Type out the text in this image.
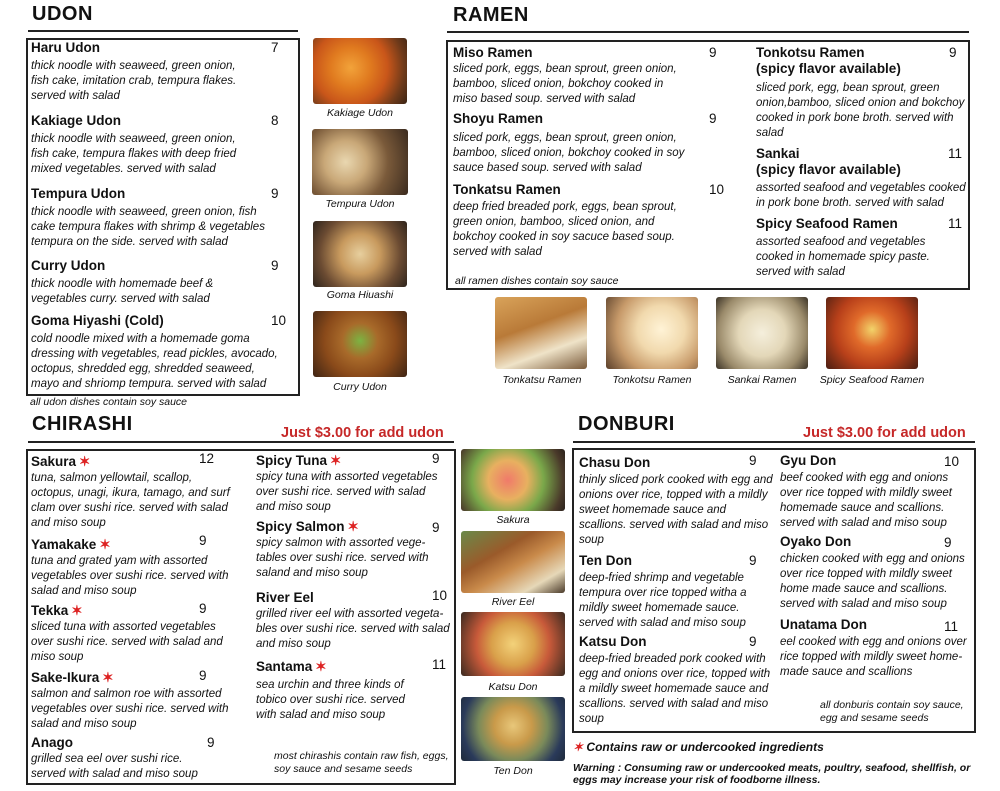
UDON
Haru Udon	7
thick noodle with seaweed, green onion, fish cake, imitation crab, tempura flakes. served with salad
Kakiage Udon	8
thick noodle with seaweed, green onion, fish cake, tempura flakes with deep fried mixed vegetables. served with salad
Tempura Udon	9
thick noodle with seaweed, green onion, fish cake tempura flakes with shrimp & vegetables tempura on the side. served with salad
Curry Udon	9
thick noodle with homemade beef & vegetables curry. served with salad
Goma Hiyashi (Cold)	10
cold noodle mixed with a homemade goma dressing with vegetables, read pickles, avocado, octopus, shredded egg, shredded seaweed, mayo and shriomp tempura. served with salad
all udon dishes contain soy sauce
Kakiage Udon
Tempura Udon
Goma Hiuashi
Curry Udon
RAMEN
Miso Ramen	9
sliced pork, eggs, bean sprout, green onion, bamboo, sliced onion, bokchoy cooked in miso based soup. served with salad
Shoyu Ramen	9
sliced pork, eggs, bean sprout, green onion, bamboo, sliced onion, bokchoy cooked in soy sauce based soup. served with salad
Tonkatsu Ramen	10
deep fried breaded pork, eggs, bean sprout, green onion, bamboo, sliced onion, and bokchoy cooked in soy sacuce based soup. served with salad
all ramen dishes contain soy sauce
Tonkotsu Ramen
(spicy flavor available)
9
sliced pork, egg, bean sprout, green onion,bamboo, sliced onion and bokchoy cooked in pork bone broth. served with salad
Sankai
(spicy flavor available)
11
assorted seafood and vegetables cooked in pork bone broth. served with salad
Spicy Seafood Ramen	11
assorted seafood and vegetables cooked in homemade spicy paste. served with salad
Tonkatsu Ramen	Tonkotsu Ramen	Sankai Ramen	Spicy Seafood Ramen
CHIRASHI	Just $3.00 for add udon
Sakura ✶	12
tuna, salmon yellowtail, scallop, octopus, unagi, ikura, tamago, and surf clam over sushi rice. served with salad and miso soup
Yamakake ✶	9
tuna and grated yam with assorted vegetables over sushi rice. served with salad and miso soup
Tekka ✶	9
sliced tuna with assorted vegetables over sushi rice. served with salad and miso soup
Sake-Ikura ✶	9
salmon and salmon roe with assorted vegetables over sushi rice. served with salad and miso soup
Anago	9
grilled sea eel over sushi rice. served with salad and miso soup
Spicy Tuna ✶	9
spicy tuna with assorted vegetables over sushi rice. served with salad and miso soup
Spicy Salmon ✶	9
spicy salmon with assorted vege- tables over sushi rice. served with saland and miso soup
River Eel	10
grilled river eel with assorted vegeta- bles over sushi rice. served with salad and miso soup
Santama ✶	11
sea urchin and three kinds of tobico over sushi rice. served with salad and miso soup
most chirashis contain raw fish, eggs, soy sauce and sesame seeds
Sakura
River Eel
Katsu Don
Ten Don
DONBURI	Just $3.00 for add udon
Chasu Don	9
thinly sliced pork cooked with egg and onions over rice, topped with a mildly sweet homemade sauce and scallions. served with salad and miso soup
Ten Don	9
deep-fried shrimp and vegetable tempura over rice topped witha a mildly sweet homemade sauce. served with salad and miso soup
Katsu Don	9
deep-fried breaded pork cooked with egg and onions over rice, topped with a mildly sweet homemade sauce and scallions. served with salad and miso soup
Gyu Don	10
beef cooked with egg and onions over rice topped with mildly sweet homemade sauce and scallions. served with salad and miso soup
Oyako Don	9
chicken cooked with egg and onions over rice topped with mildly sweet home made sauce and scallions. served with salad and miso soup
Unatama Don	11
eel cooked with egg and onions over rice topped with mildly sweet home- made sauce and scallions
all donburis contain soy sauce, egg and sesame seeds
✶ Contains raw or undercooked ingredients
Warning : Consuming raw or undercooked meats, poultry, seafood, shellfish, or eggs may increase your risk of foodborne illness.
